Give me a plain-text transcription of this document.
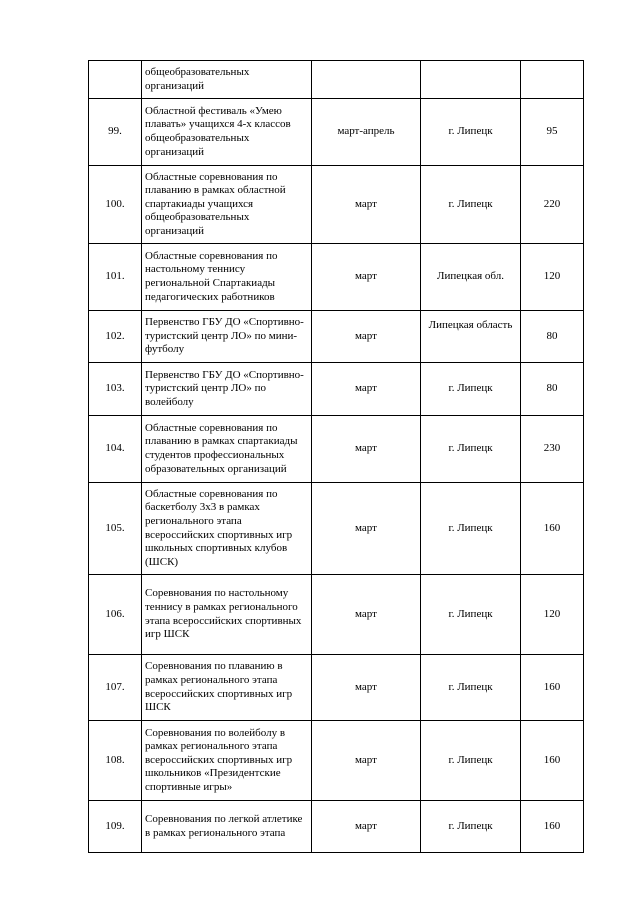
	общеобразовательных организаций			
99.	Областной фестиваль «Умею плавать» учащихся 4-х классов общеобразовательных организаций	март-апрель	г. Липецк	95
100.	Областные соревнования по плаванию в рамках областной спартакиады учащихся общеобразовательных организаций	март	г. Липецк	220
101.	Областные соревнования по настольному теннису региональной Спартакиады педагогических работников	март	Липецкая обл.	120
102.	Первенство ГБУ ДО «Спортивно-туристский центр ЛО» по мини-футболу	март	Липецкая область	80
103.	Первенство ГБУ ДО «Спортивно-туристский центр ЛО» по волейболу	март	г. Липецк	80
104.	Областные соревнования по плаванию в рамках спартакиады студентов профессиональных образовательных организаций	март	г. Липецк	230
105.	Областные соревнования по баскетболу 3х3 в рамках регионального этапа всероссийских спортивных игр школьных спортивных клубов (ШСК)	март	г. Липецк	160
106.	Соревнования по настольному теннису в рамках регионального этапа всероссийских спортивных игр ШСК	март	г. Липецк	120
107.	Соревнования по плаванию в рамках регионального этапа всероссийских спортивных игр ШСК	март	г. Липецк	160
108.	Соревнования по волейболу в рамках регионального этапа всероссийских спортивных игр школьников «Президентские спортивные игры»	март	г. Липецк	160
109.	Соревнования по легкой атлетике в рамках регионального этапа	март	г. Липецк	160
